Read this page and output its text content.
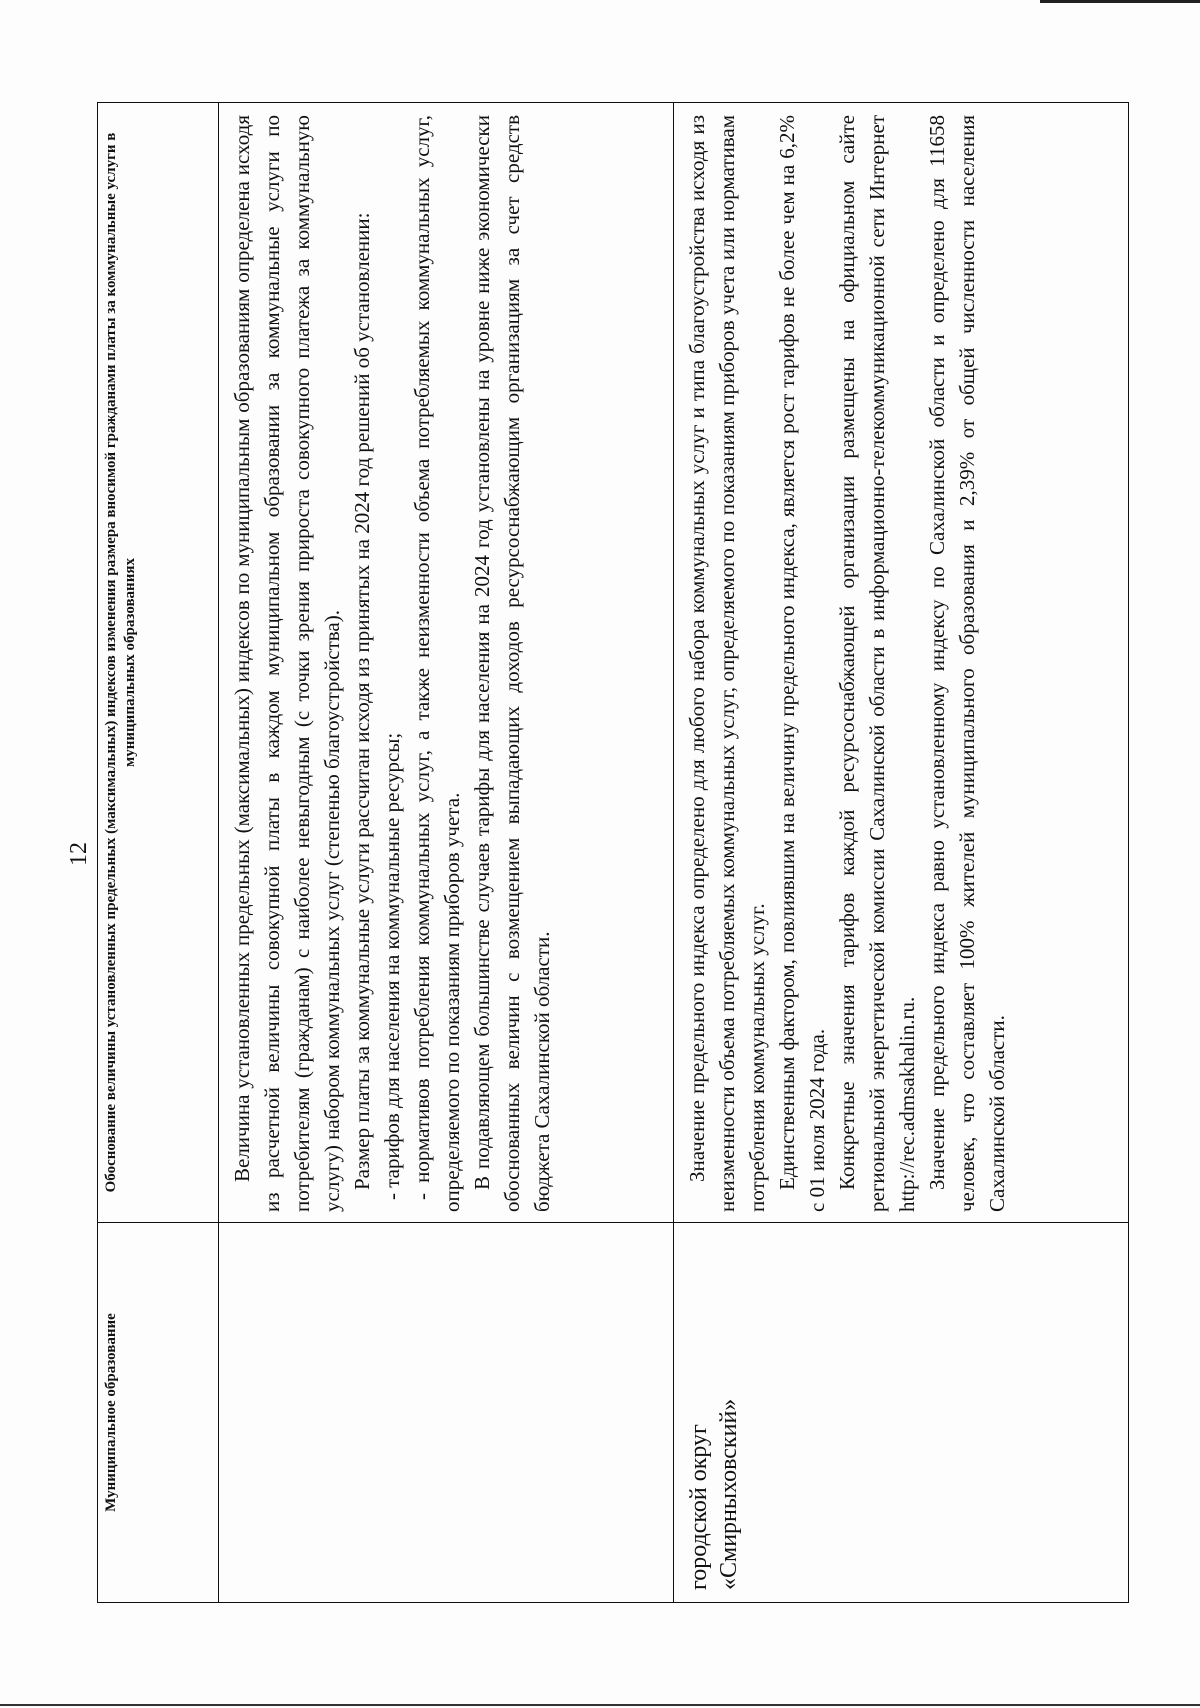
12
Муниципальное образование	Обоснование величины установленных предельных (максимальных) индексов изменения размера вносимой гражданами платы за коммунальные услуги в муниципальных образованиях

	Величина установленных предельных (максимальных) индексов по муниципальным образованиям определена исходя из расчетной величины совокупной платы в каждом муниципальном образовании за коммунальные услуги по потребителям (гражданам) с наиболее невыгодным (с точки зрения прироста совокупного платежа за коммунальную услугу) набором коммунальных услуг (степенью благоустройства). Размер платы за коммунальные услуги рассчитан исходя из принятых на 2024 год решений об установлении: - тарифов для населения на коммунальные ресурсы; - нормативов потребления коммунальных услуг, а также неизменности объема потребляемых коммунальных услуг, определяемого по показаниям приборов учета. В подавляющем большинстве случаев тарифы для населения на 2024 год установлены на уровне ниже экономически обоснованных величин с возмещением выпадающих доходов ресурсоснабжающим организациям за счет средств бюджета Сахалинской области.

городской округ «Смирныховский»	Значение предельного индекса определено для любого набора коммунальных услуг и типа благоустройства исходя из неизменности объема потребляемых коммунальных услуг, определяемого по показаниям приборов учета или нормативам потребления коммунальных услуг. Единственным фактором, повлиявшим на величину предельного индекса, является рост тарифов не более чем на 6,2% с 01 июля 2024 года. Конкретные значения тарифов каждой ресурсоснабжающей организации размещены на официальном сайте региональной энергетической комиссии Сахалинской области в информационно-телекоммуникационной сети Интернет http://rec.admsakhalin.ru. Значение предельного индекса равно установленному индексу по Сахалинской области и определено для 11658 человек, что составляет 100% жителей муниципального образования и 2,39% от общей численности населения Сахалинской области.
